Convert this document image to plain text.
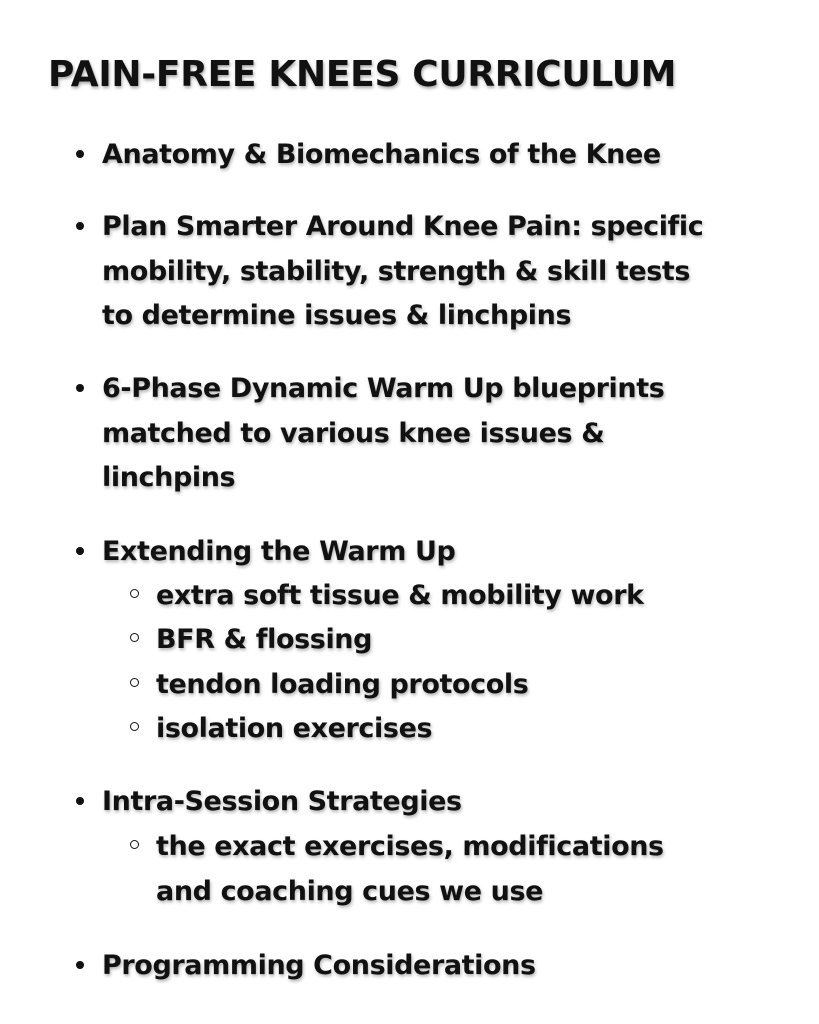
PAIN-FREE KNEES CURRICULUM

Anatomy & Biomechanics of the Knee

Plan Smarter Around Knee Pain: specific
mobility, stability, strength & skill tests
to determine issues & linchpins

6-Phase Dynamic Warm Up blueprints
matched to various knee issues &
linchpins

Extending the Warm Up

extra soft tissue & mobility work

BFR & flossing

tendon loading protocols

isolation exercises

Intra-Session Strategies

the exact exercises, modifications
and coaching cues we use

Programming Considerations
